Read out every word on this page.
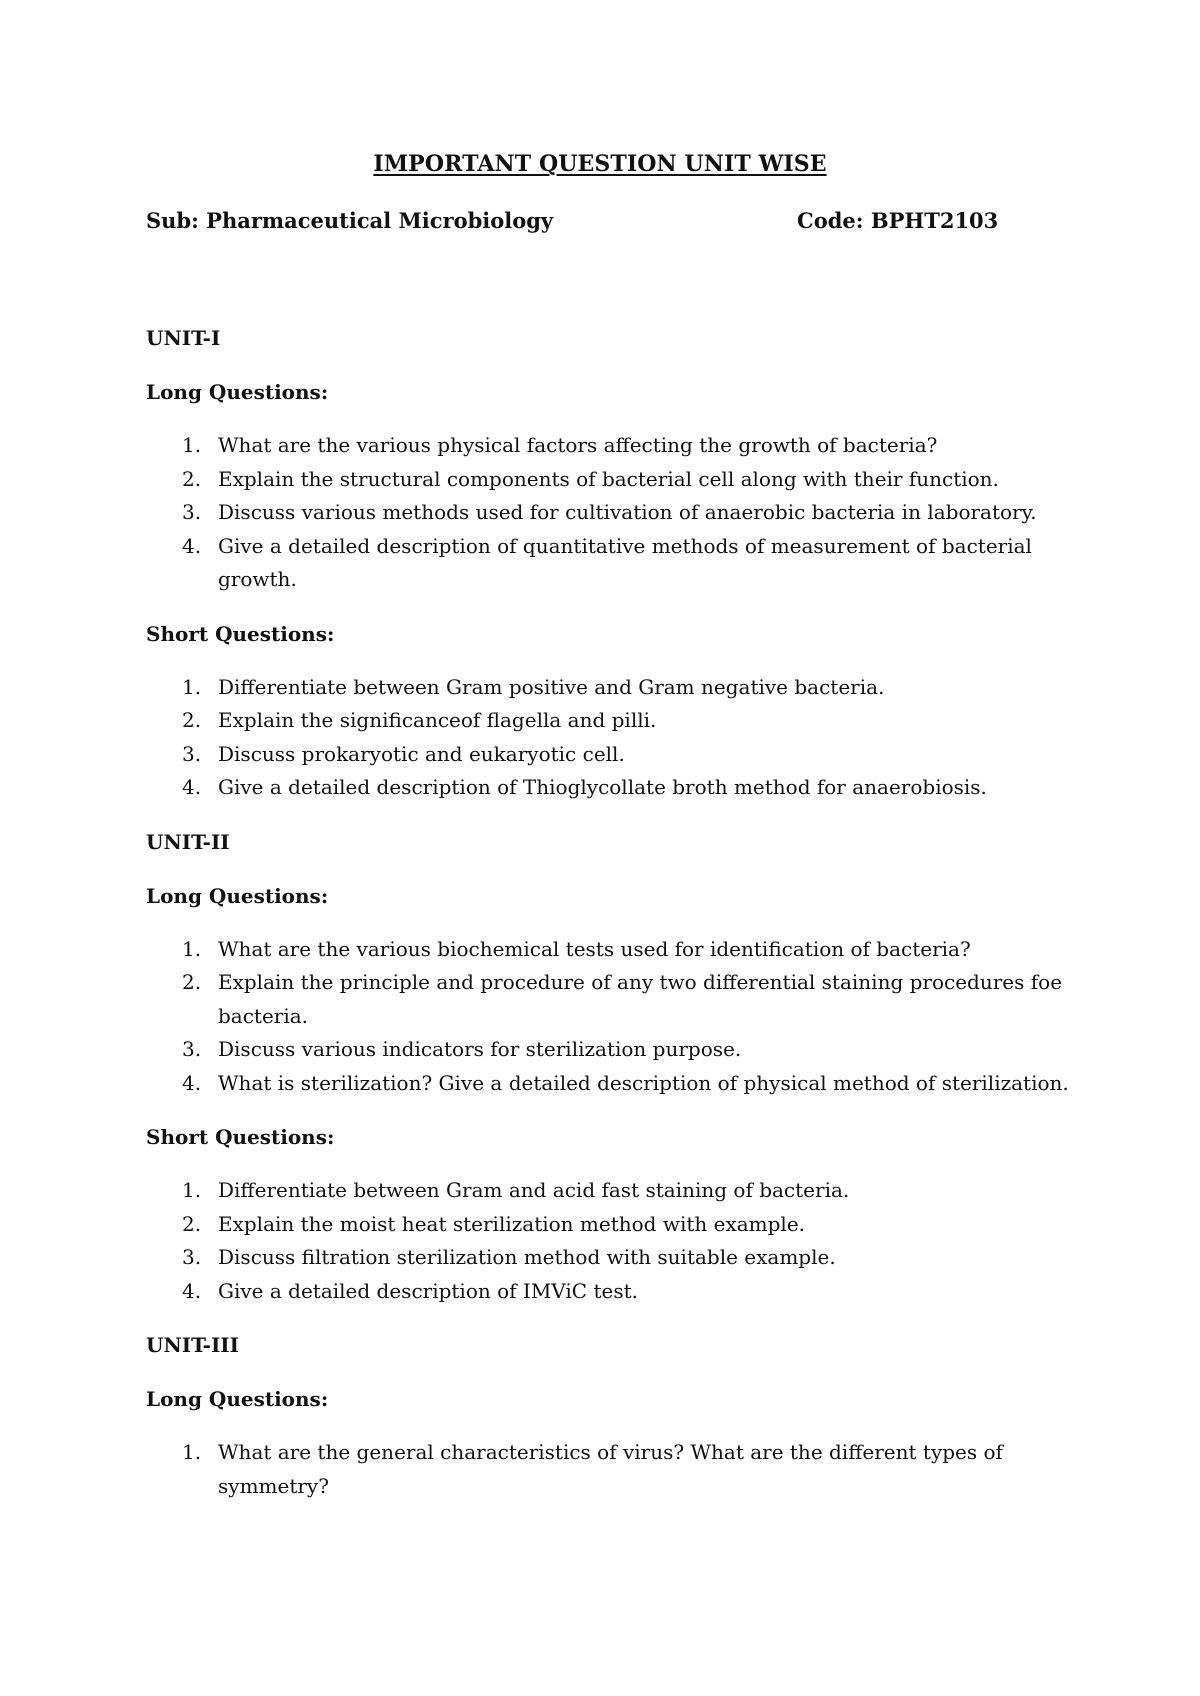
IMPORTANT QUESTION UNIT WISE
Sub: Pharmaceutical Microbiology	Code: BPHT2103
UNIT-I
Long Questions:
1. What are the various physical factors affecting the growth of bacteria?
2. Explain the structural components of bacterial cell along with their function.
3. Discuss various methods used for cultivation of anaerobic bacteria in laboratory.
4. Give a detailed description of quantitative methods of measurement of bacterial growth.
Short Questions:
1. Differentiate between Gram positive and Gram negative bacteria.
2. Explain the significanceof flagella and pilli.
3. Discuss prokaryotic and eukaryotic cell.
4. Give a detailed description of Thioglycollate broth method for anaerobiosis.
UNIT-II
Long Questions:
1. What are the various biochemical tests used for identification of bacteria?
2. Explain the principle and procedure of any two differential staining procedures foe bacteria.
3. Discuss various indicators for sterilization purpose.
4. What is sterilization? Give a detailed description of physical method of sterilization.
Short Questions:
1. Differentiate between Gram and acid fast staining of bacteria.
2. Explain the moist heat sterilization method with example.
3. Discuss filtration sterilization method with suitable example.
4. Give a detailed description of IMViC test.
UNIT-III
Long Questions:
1. What are the general characteristics of virus? What are the different types of symmetry?
